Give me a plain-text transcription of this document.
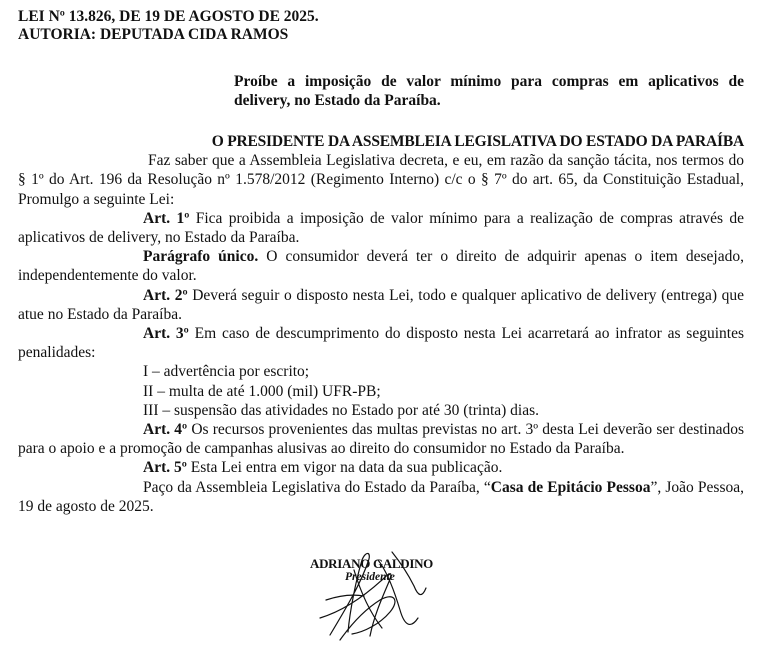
LEI Nº 13.826, DE 19 DE AGOSTO DE 2025.
AUTORIA: DEPUTADA CIDA RAMOS
Proíbe a imposição de valor mínimo para compras em aplicativos de delivery, no Estado da Paraíba.

O PRESIDENTE DA ASSEMBLEIA LEGISLATIVA DO ESTADO DA PARAÍBA

Faz saber que a Assembleia Legislativa decreta, e eu, em razão da sanção tácita, nos termos do § 1º do Art. 196 da Resolução nº 1.578/2012 (Regimento Interno) c/c o § 7º do art. 65, da Constituição Estadual, Promulgo a seguinte Lei:

Art. 1º Fica proibida a imposição de valor mínimo para a realização de compras através de aplicativos de delivery, no Estado da Paraíba.

Parágrafo único. O consumidor deverá ter o direito de adquirir apenas o item desejado, independentemente do valor.

Art. 2º Deverá seguir o disposto nesta Lei, todo e qualquer aplicativo de delivery (entrega) que atue no Estado da Paraíba.

Art. 3º Em caso de descumprimento do disposto nesta Lei acarretará ao infrator as seguintes penalidades:

I – advertência por escrito;

II – multa de até 1.000 (mil) UFR-PB;

III – suspensão das atividades no Estado por até 30 (trinta) dias.

Art. 4º Os recursos provenientes das multas previstas no art. 3º desta Lei deverão ser destinados para o apoio e a promoção de campanhas alusivas ao direito do consumidor no Estado da Paraíba.

Art. 5º Esta Lei entra em vigor na data da sua publicação.

Paço da Assembleia Legislativa do Estado da Paraíba, “Casa de Epitácio Pessoa”, João Pessoa, 19 de agosto de 2025.

ADRIANO GALDINO
Presidente
